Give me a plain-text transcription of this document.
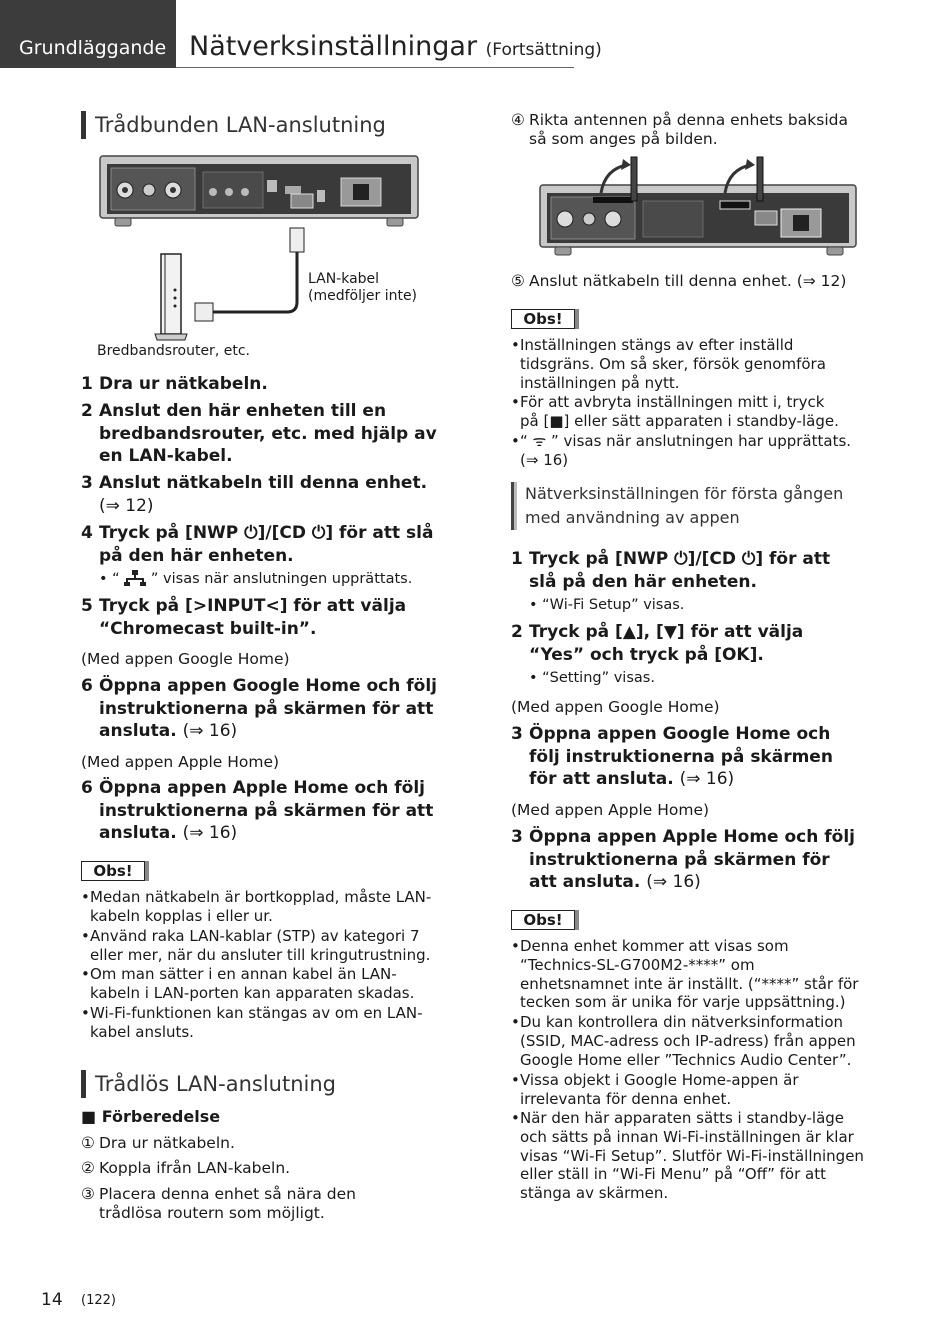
Grundläggande Nätverksinställningar (Fortsättning)
Trådbunden LAN-anslutning
LAN-kabel
(medföljer inte)
Bredbandsrouter, etc.
1 Dra ur nätkabeln.
2 Anslut den här enheten till en bredbandsrouter, etc. med hjälp av en LAN-kabel.
3 Anslut nätkabeln till denna enhet.
(⇒ 12)
4 Tryck på [NWP ⏻]/[CD ⏻] för att slå på den här enheten.
• “ ” visas när anslutningen upprättats.
5 Tryck på [>INPUT<] för att välja “Chromecast built-in”.
(Med appen Google Home)
6 Öppna appen Google Home och följ instruktionerna på skärmen för att ansluta. (⇒ 16)
(Med appen Apple Home)
6 Öppna appen Apple Home och följ instruktionerna på skärmen för att ansluta. (⇒ 16)
Obs!
• Medan nätkabeln är bortkopplad, måste LAN-kabeln kopplas i eller ur.
• Använd raka LAN-kablar (STP) av kategori 7 eller mer, när du ansluter till kringutrustning.
• Om man sätter i en annan kabel än LAN-kabeln i LAN-porten kan apparaten skadas.
• Wi-Fi-funktionen kan stängas av om en LAN-kabel ansluts.
Trådlös LAN-anslutning
■ Förberedelse
① Dra ur nätkabeln.
② Koppla ifrån LAN-kabeln.
③ Placera denna enhet så nära den trådlösa routern som möjligt.
④ Rikta antennen på denna enhets baksida så som anges på bilden.
⑤ Anslut nätkabeln till denna enhet. (⇒ 12)
Obs!
• Inställningen stängs av efter inställd tidsgräns. Om så sker, försök genomföra inställningen på nytt.
• För att avbryta inställningen mitt i, tryck på [■] eller sätt apparaten i standby-läge.
• “ ᯤ ” visas när anslutningen har upprättats. (⇒ 16)
Nätverksinställningen för första gången med användning av appen
1 Tryck på [NWP ⏻]/[CD ⏻] för att slå på den här enheten.
• “Wi-Fi Setup” visas.
2 Tryck på [▲], [▼] för att välja “Yes” och tryck på [OK].
• “Setting” visas.
(Med appen Google Home)
3 Öppna appen Google Home och följ instruktionerna på skärmen för att ansluta. (⇒ 16)
(Med appen Apple Home)
3 Öppna appen Apple Home och följ instruktionerna på skärmen för att ansluta. (⇒ 16)
Obs!
• Denna enhet kommer att visas som “Technics-SL-G700M2-****” om enhetsnamnet inte är inställt. (“****” står för tecken som är unika för varje uppsättning.)
• Du kan kontrollera din nätverksinformation (SSID, MAC-adress och IP-adress) från appen Google Home eller ”Technics Audio Center”.
• Vissa objekt i Google Home-appen är irrelevanta för denna enhet.
• När den här apparaten sätts i standby-läge och sätts på innan Wi-Fi-inställningen är klar visas “Wi-Fi Setup”. Slutför Wi-Fi-inställningen eller ställ in “Wi-Fi Menu” på “Off” för att stänga av skärmen.
14 (122)
